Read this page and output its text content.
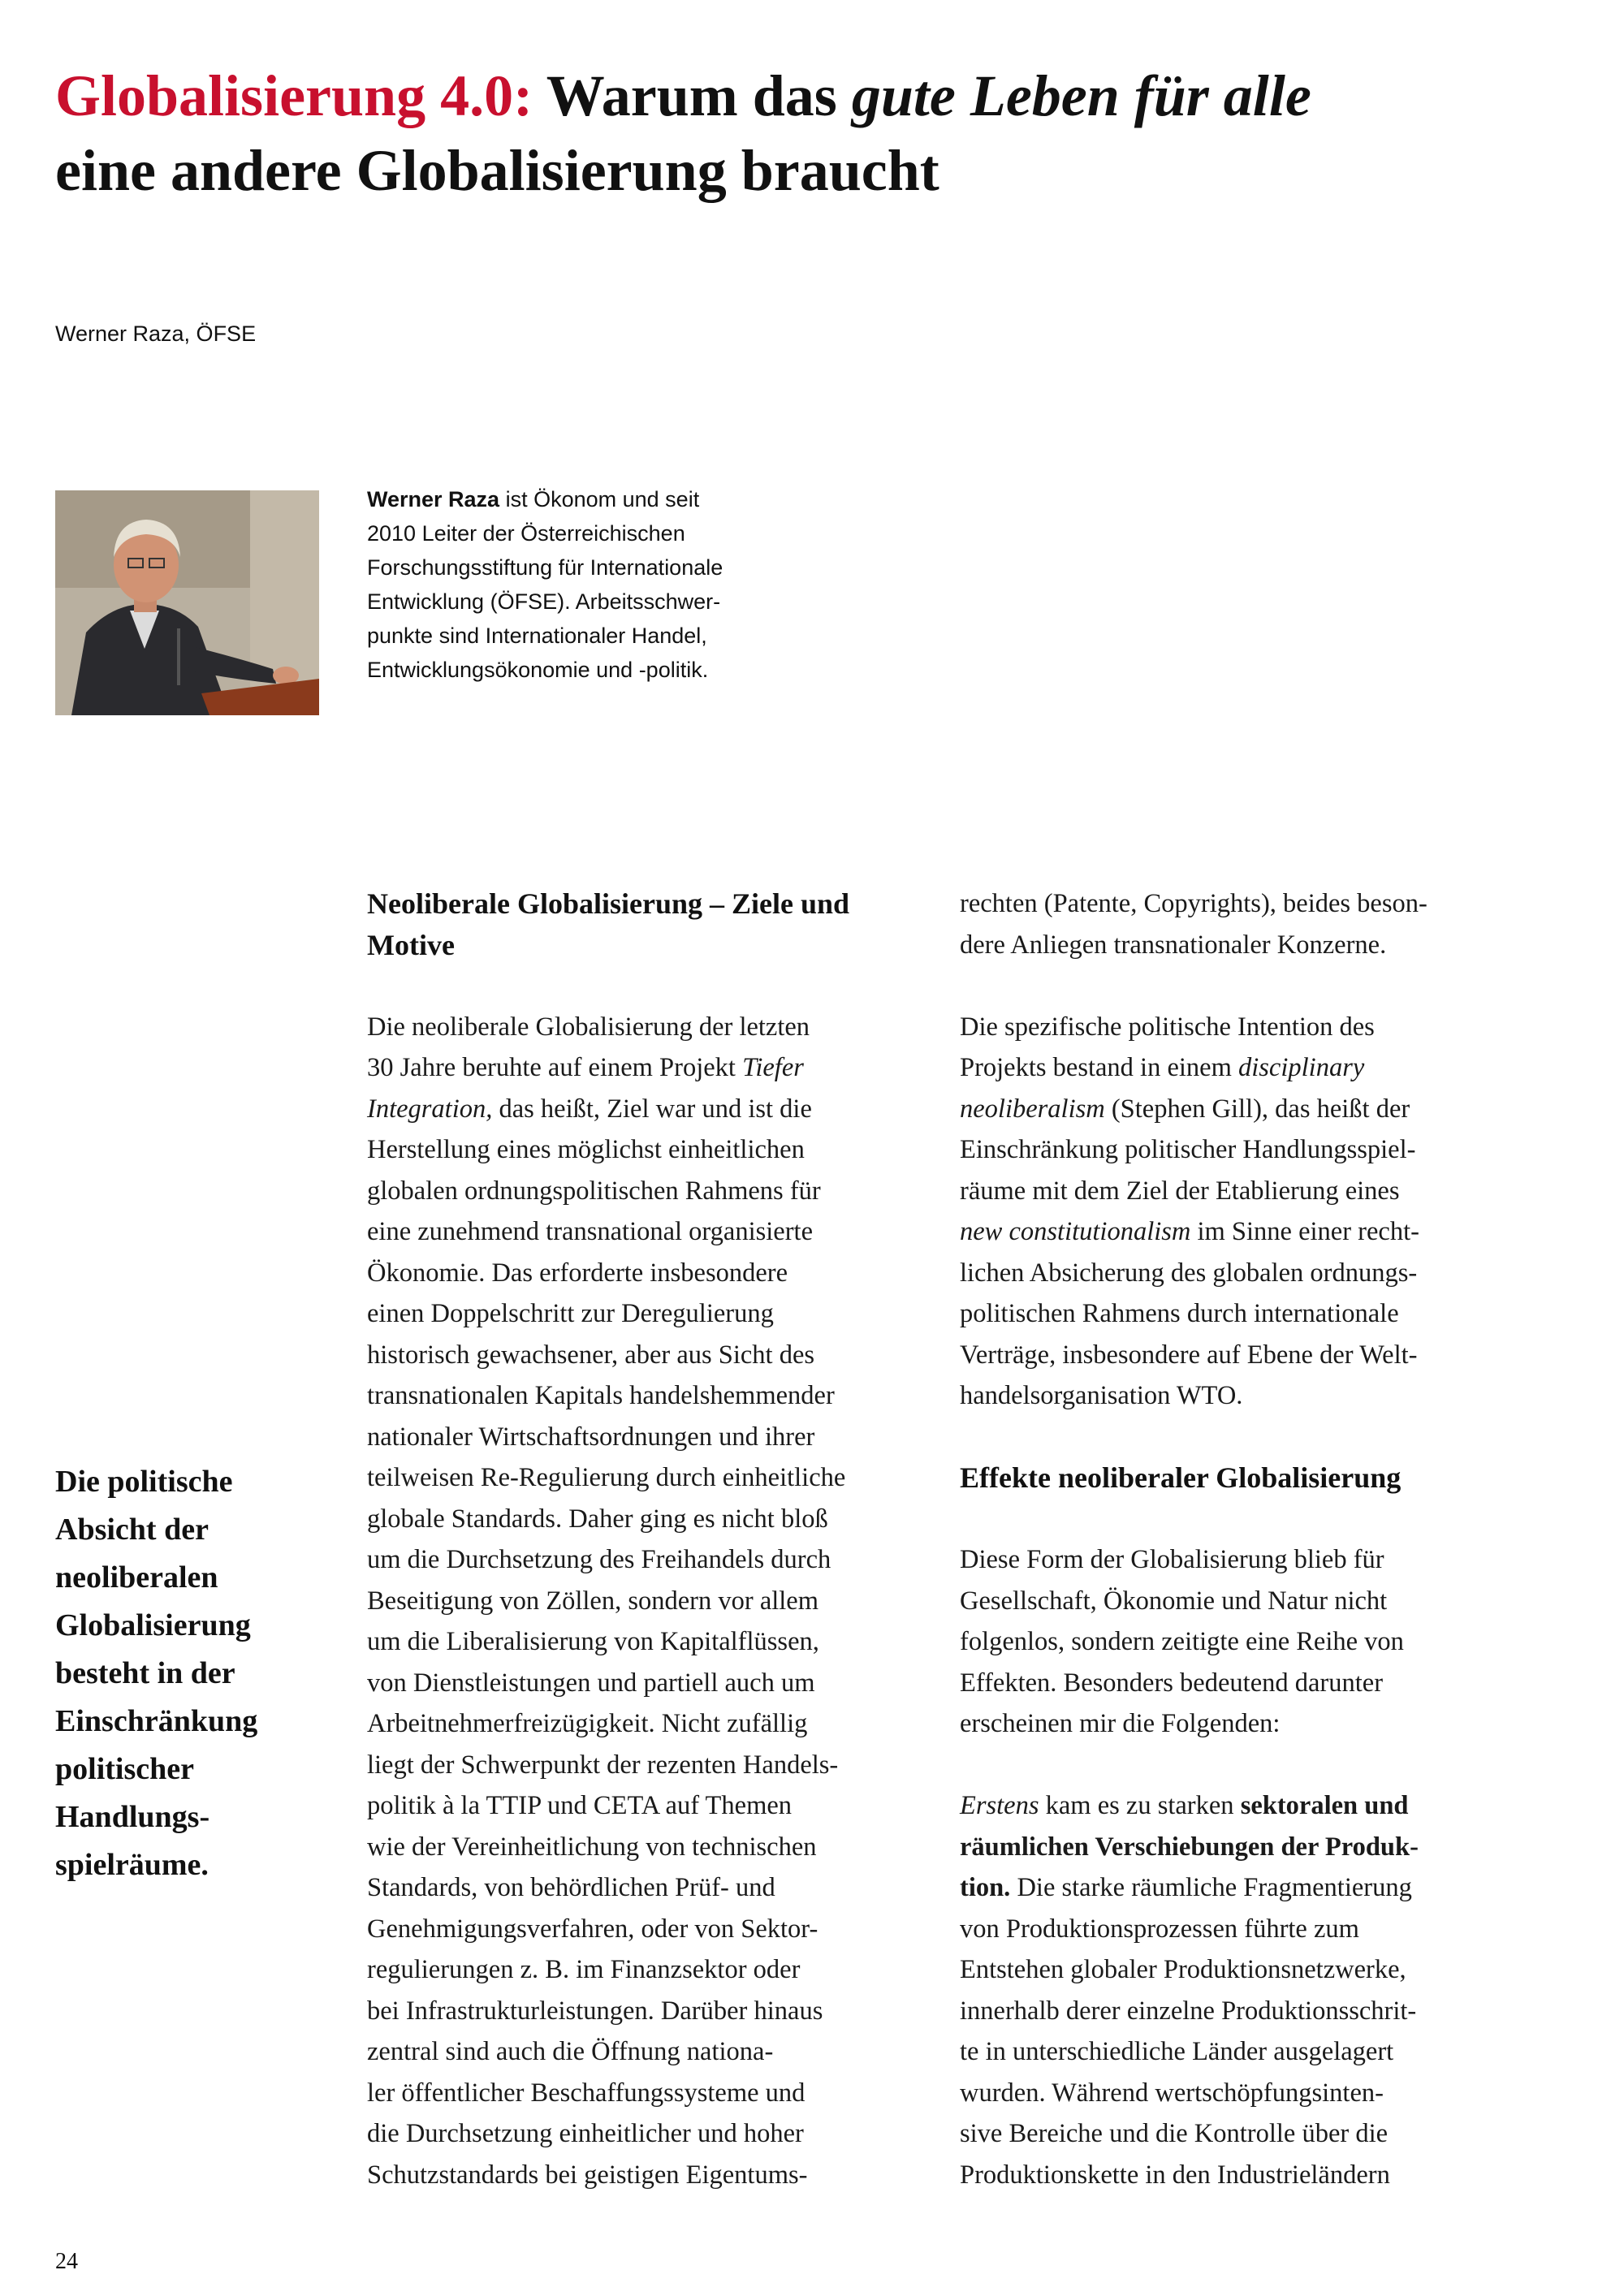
Globalisierung 4.0: Warum das gute Leben für alle
eine andere Globalisierung braucht
Werner Raza, ÖFSE
Werner Raza ist Ökonom und seit
2010 Leiter der Österreichischen
Forschungsstiftung für Internationale
Entwicklung (ÖFSE). Arbeitsschwer-
punkte sind Internationaler Handel,
Entwicklungsökonomie und -politik.
Die politische
Absicht der
neoliberalen
Globalisierung
besteht in der
Einschränkung
politischer
Handlungs-
spielräume.
Neoliberale Globalisierung – Ziele und
Motive
Die neoliberale Globalisierung der letzten
30 Jahre beruhte auf einem Projekt Tiefer
Integration, das heißt, Ziel war und ist die
Herstellung eines möglichst einheitlichen
globalen ordnungspolitischen Rahmens für
eine zunehmend transnational organisierte
Ökonomie. Das erforderte insbesondere
einen Doppelschritt zur Deregulierung
historisch gewachsener, aber aus Sicht des
transnationalen Kapitals handelshemmender
nationaler Wirtschaftsordnungen und ihrer
teilweisen Re-Regulierung durch einheitliche
globale Standards. Daher ging es nicht bloß
um die Durchsetzung des Freihandels durch
Beseitigung von Zöllen, sondern vor allem
um die Liberalisierung von Kapitalflüssen,
von Dienstleistungen und partiell auch um
Arbeitnehmerfreizügigkeit. Nicht zufällig
liegt der Schwerpunkt der rezenten Handels-
politik à la TTIP und CETA auf Themen
wie der Vereinheitlichung von technischen
Standards, von behördlichen Prüf- und
Genehmigungsverfahren, oder von Sektor-
regulierungen z. B. im Finanzsektor oder
bei Infrastrukturleistungen. Darüber hinaus
zentral sind auch die Öffnung nationa-
ler öffentlicher Beschaffungssysteme und
die Durchsetzung einheitlicher und hoher
Schutzstandards bei geistigen Eigentums-
rechten (Patente, Copyrights), beides beson-
dere Anliegen transnationaler Konzerne.
Die spezifische politische Intention des
Projekts bestand in einem disciplinary
neoliberalism (Stephen Gill), das heißt der
Einschränkung politischer Handlungsspiel-
räume mit dem Ziel der Etablierung eines
new constitutionalism im Sinne einer recht-
lichen Absicherung des globalen ordnungs-
politischen Rahmens durch internationale
Verträge, insbesondere auf Ebene der Welt-
handelsorganisation WTO.
Effekte neoliberaler Globalisierung
Diese Form der Globalisierung blieb für
Gesellschaft, Ökonomie und Natur nicht
folgenlos, sondern zeitigte eine Reihe von
Effekten. Besonders bedeutend darunter
erscheinen mir die Folgenden:
Erstens kam es zu starken sektoralen und
räumlichen Verschiebungen der Produk-
tion. Die starke räumliche Fragmentierung
von Produktionsprozessen führte zum
Entstehen globaler Produktionsnetzwerke,
innerhalb derer einzelne Produktionsschrit-
te in unterschiedliche Länder ausgelagert
wurden. Während wertschöpfungsinten-
sive Bereiche und die Kontrolle über die
Produktionskette in den Industrieländern
24
